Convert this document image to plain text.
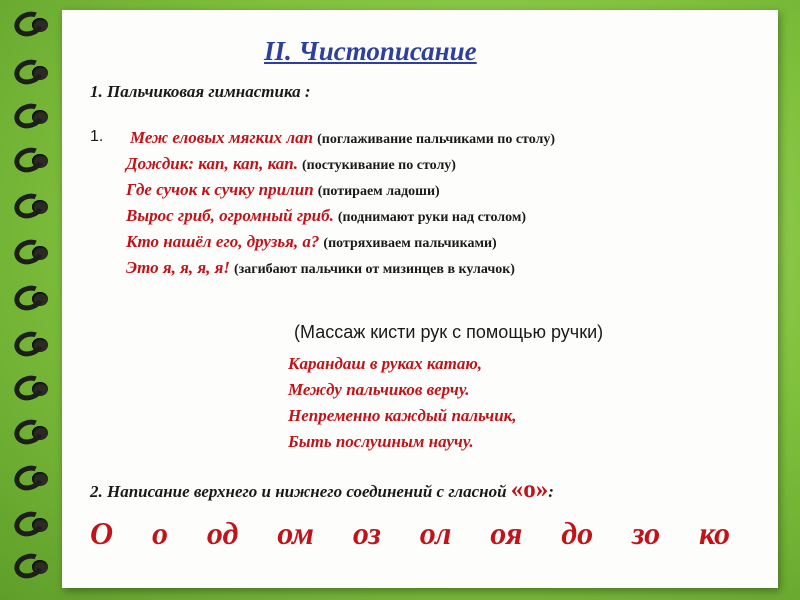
II. Чистописание
1. Пальчиковая гимнастика :
1. Меж еловых мягких лап (поглаживание пальчиками по столу)
Дождик: кап, кап, кап. (постукивание по столу)
Где сучок к сучку прилип (потираем ладоши)
Вырос гриб, огромный гриб. (поднимают руки над столом)
Кто нашёл его, друзья, а? (потряхиваем пальчиками)
Это я, я, я, я! (загибают пальчики от мизинцев в кулачок)
(Массаж кисти рук с помощью ручки)
Карандаш в руках катаю,
Между пальчиков верчу.
Непременно каждый пальчик,
Быть послушным научу.
2. Написание верхнего и нижнего соединений с гласной «о»:
О о од ом оз ол оя до зо ко
